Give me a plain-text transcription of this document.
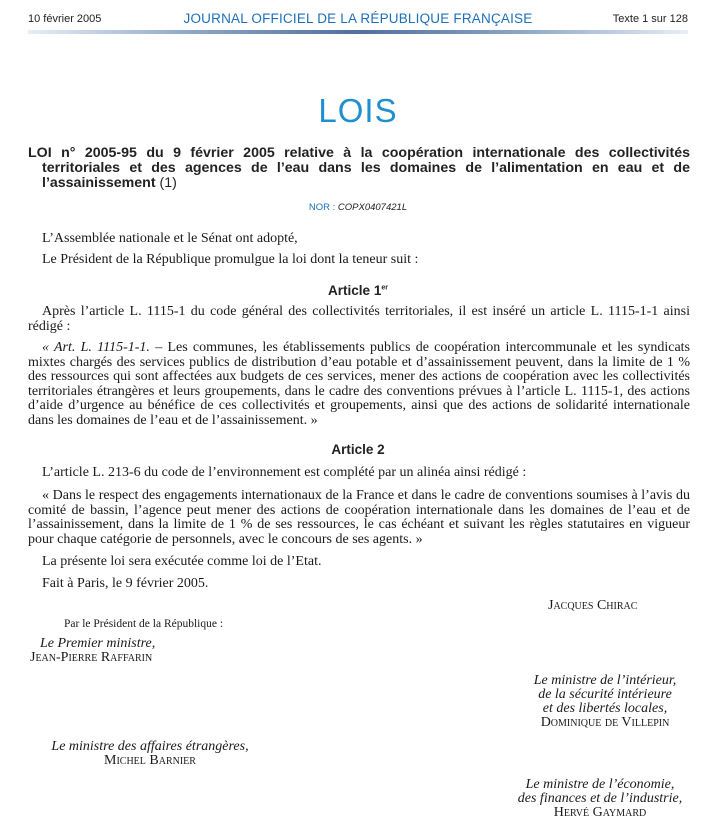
10 février 2005	JOURNAL OFFICIEL DE LA RÉPUBLIQUE FRANÇAISE	Texte 1 sur 128
LOIS
LOI n° 2005-95 du 9 février 2005 relative à la coopération internationale des collectivités territoriales et des agences de l’eau dans les domaines de l’alimentation en eau et de l’assainissement (1)
NOR : COPX0407421L

L’Assemblée nationale et le Sénat ont adopté,

Le Président de la République promulgue la loi dont la teneur suit :

Article 1er

Après l’article L. 1115-1 du code général des collectivités territoriales, il est inséré un article L. 1115-1-1 ainsi rédigé :

« Art. L. 1115-1-1. – Les communes, les établissements publics de coopération intercommunale et les syndicats mixtes chargés des services publics de distribution d’eau potable et d’assainissement peuvent, dans la limite de 1 % des ressources qui sont affectées aux budgets de ces services, mener des actions de coopération avec les collectivités territoriales étrangères et leurs groupements, dans le cadre des conventions prévues à l’article L. 1115-1, des actions d’aide d’urgence au bénéfice de ces collectivités et groupements, ainsi que des actions de solidarité internationale dans les domaines de l’eau et de l’assainissement. »

Article 2

L’article L. 213-6 du code de l’environnement est complété par un alinéa ainsi rédigé :

« Dans le respect des engagements internationaux de la France et dans le cadre de conventions soumises à l’avis du comité de bassin, l’agence peut mener des actions de coopération internationale dans les domaines de l’eau et de l’assainissement, dans la limite de 1 % de ses ressources, le cas échéant et suivant les règles statutaires en vigueur pour chaque catégorie de personnels, avec le concours de ses agents. »

La présente loi sera exécutée comme loi de l’Etat.

Fait à Paris, le 9 février 2005.

Jacques Chirac
Par le Président de la République :
Le Premier ministre,
Jean-Pierre Raffarin
Le ministre de l’intérieur,
de la sécurité intérieure
et des libertés locales,
Dominique de Villepin
Le ministre des affaires étrangères,
Michel Barnier
Le ministre de l’économie,
des finances et de l’industrie,
Hervé Gaymard
